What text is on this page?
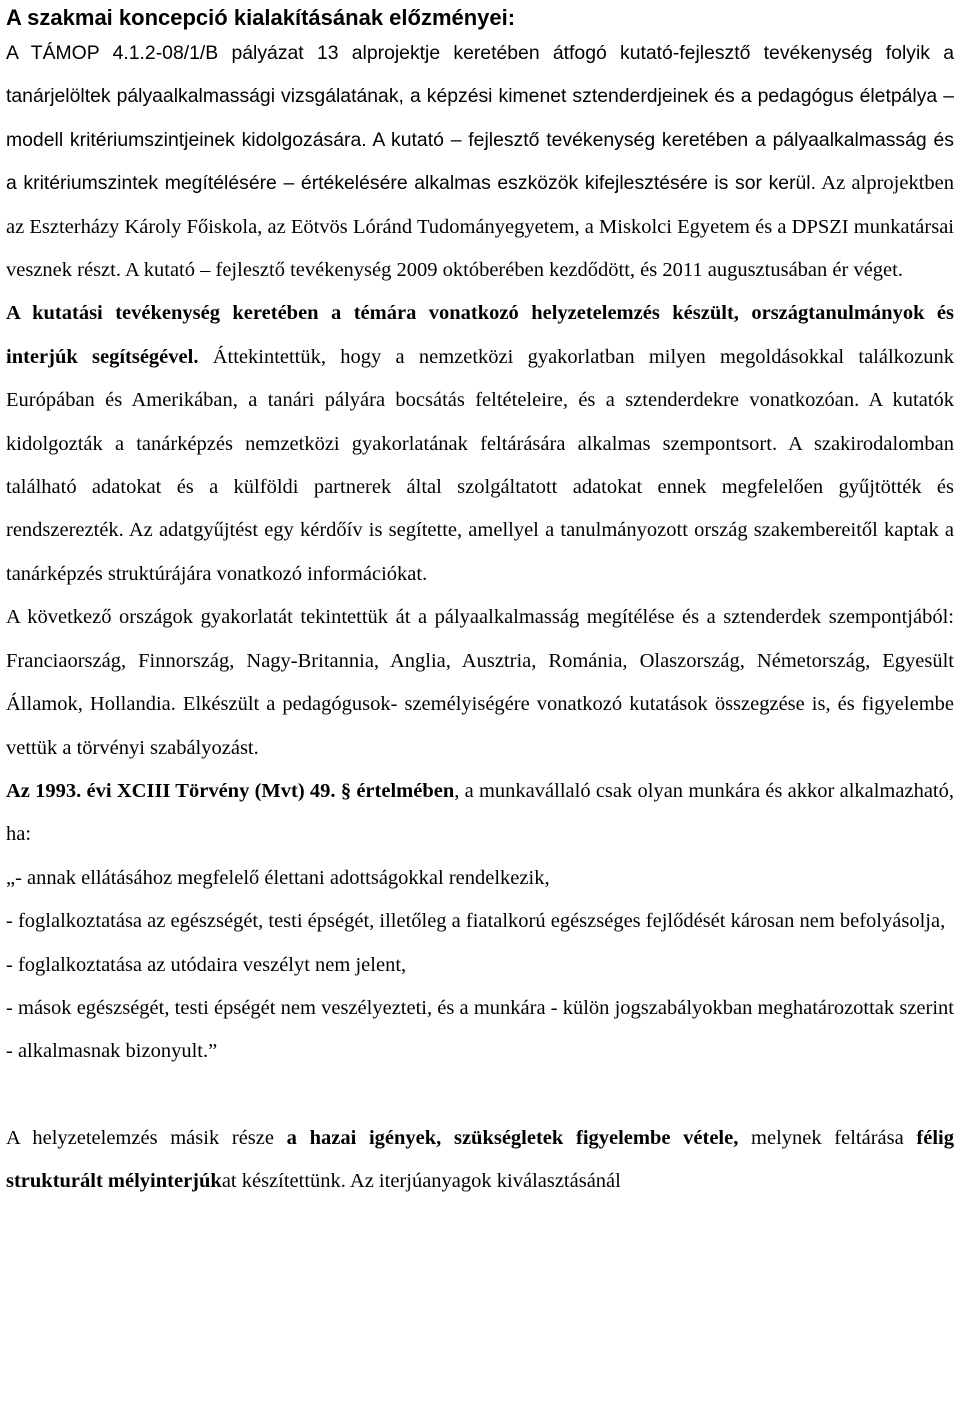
A szakmai koncepció kialakításának előzményei:

A TÁMOP 4.1.2-08/1/B pályázat 13 alprojektje keretében átfogó kutató-fejlesztő tevékenység folyik a tanárjelöltek pályaalkalmassági vizsgálatának, a képzési kimenet sztenderdjeinek és a pedagógus életpálya – modell kritériumszintjeinek kidolgozására. A kutató – fejlesztő tevékenység keretében a pályaalkalmasság és a kritériumszintek megítélésére – értékelésére alkalmas eszközök kifejlesztésére is sor kerül. Az alprojektben az Eszterházy Károly Főiskola, az Eötvös Lóránd Tudományegyetem, a Miskolci Egyetem és a DPSZI munkatársai vesznek részt. A kutató – fejlesztő tevékenység 2009 októberében kezdődött, és 2011 augusztusában ér véget.

A kutatási tevékenység keretében a témára vonatkozó helyzetelemzés készült, országtanulmányok és interjúk segítségével. Áttekintettük, hogy a nemzetközi gyakorlatban milyen megoldásokkal találkozunk Európában és Amerikában, a tanári pályára bocsátás feltételeire, és a sztenderdekre vonatkozóan. A kutatók kidolgozták a tanárképzés nemzetközi gyakorlatának feltárására alkalmas szempontsort. A szakirodalomban található adatokat és a külföldi partnerek által szolgáltatott adatokat ennek megfelelően gyűjtötték és rendszerezték. Az adatgyűjtést egy kérdőív is segítette, amellyel a tanulmányozott ország szakembereitől kaptak a tanárképzés struktúrájára vonatkozó információkat.

A következő országok gyakorlatát tekintettük át a pályaalkalmasság megítélése és a sztenderdek szempontjából: Franciaország, Finnország, Nagy-Britannia, Anglia, Ausztria, Románia, Olaszország, Németország, Egyesült Államok, Hollandia. Elkészült a pedagógusok- személyiségére vonatkozó kutatások összegzése is, és figyelembe vettük a törvényi szabályozást.

Az 1993. évi XCIII Törvény (Mvt) 49. § értelmében, a munkavállaló csak olyan munkára és akkor alkalmazható, ha:

„- annak ellátásához megfelelő élettani adottságokkal rendelkezik,

- foglalkoztatása az egészségét, testi épségét, illetőleg a fiatalkorú egészséges fejlődését károsan nem befolyásolja,

- foglalkoztatása az utódaira veszélyt nem jelent,

- mások egészségét, testi épségét nem veszélyezteti, és a munkára - külön jogszabályokban meghatározottak szerint - alkalmasnak bizonyult.”

A helyzetelemzés másik része a hazai igények, szükségletek figyelembe vétele, melynek feltárása félig strukturált mélyinterjúkat készítettünk. Az iterjúanyagok kiválasztásánál
